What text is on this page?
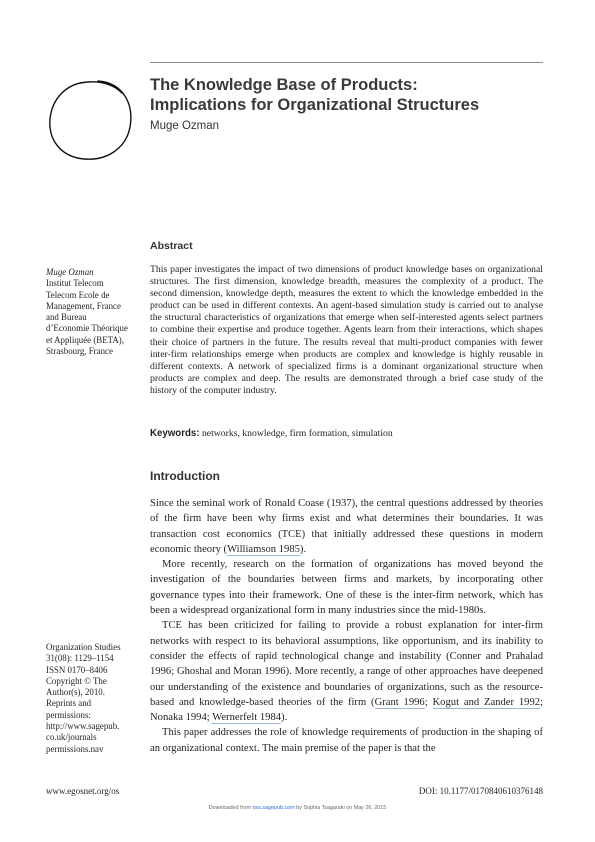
The Knowledge Base of Products:
Implications for Organizational Structures
Muge Ozman
Abstract
This paper investigates the impact of two dimensions of product knowledge bases on organizational structures. The first dimension, knowledge breadth, measures the complexity of a product. The second dimension, knowledge depth, measures the extent to which the knowledge embedded in the product can be used in different contexts. An agent-based simulation study is carried out to analyse the structural characteristics of organizations that emerge when self-interested agents select partners to combine their expertise and produce together. Agents learn from their interactions, which shapes their choice of partners in the future. The results reveal that multi-product companies with fewer inter-firm relationships emerge when products are complex and knowledge is highly reusable in different contexts. A network of specialized firms is a dominant organizational structure when products are complex and deep. The results are demonstrated through a brief case study of the history of the computer industry.
Keywords: networks, knowledge, firm formation, simulation
Introduction

Since the seminal work of Ronald Coase (1937), the central questions addressed by theories of the firm have been why firms exist and what determines their boundaries. It was transaction cost economics (TCE) that initially addressed these questions in modern economic theory (Williamson 1985).

More recently, research on the formation of organizations has moved beyond the investigation of the boundaries between firms and markets, by incorporating other governance types into their framework. One of these is the inter-firm network, which has been a widespread organizational form in many industries since the mid-1980s.

TCE has been criticized for failing to provide a robust explanation for inter-firm networks with respect to its behavioral assumptions, like opportunism, and its inability to consider the effects of rapid technological change and instability (Conner and Prahalad 1996; Ghoshal and Moran 1996). More recently, a range of other approaches have deepened our understanding of the existence and boundaries of organizations, such as the resource-based and knowledge-based theories of the firm (Grant 1996; Kogut and Zander 1992; Nonaka 1994; Wernerfelt 1984).

This paper addresses the role of knowledge requirements of production in the shaping of an organizational context. The main premise of the paper is that the

Muge Ozman
Institut Telecom Telecom Ecole de Management, France and Bureau d’Economie Théorique et Appliquée (BETA), Strasbourg, France
Organization Studies 31(08): 1129–1154 ISSN 0170–8406 Copyright © The Author(s), 2010. Reprints and permissions: http://www.sagepub. co.uk/journals permissions.nav
www.egosnet.org/os	DOI: 10.1177/0170840610376148
Downloaded from oss.sagepub.com by Sophia Tsagaraki on May 26, 2015
